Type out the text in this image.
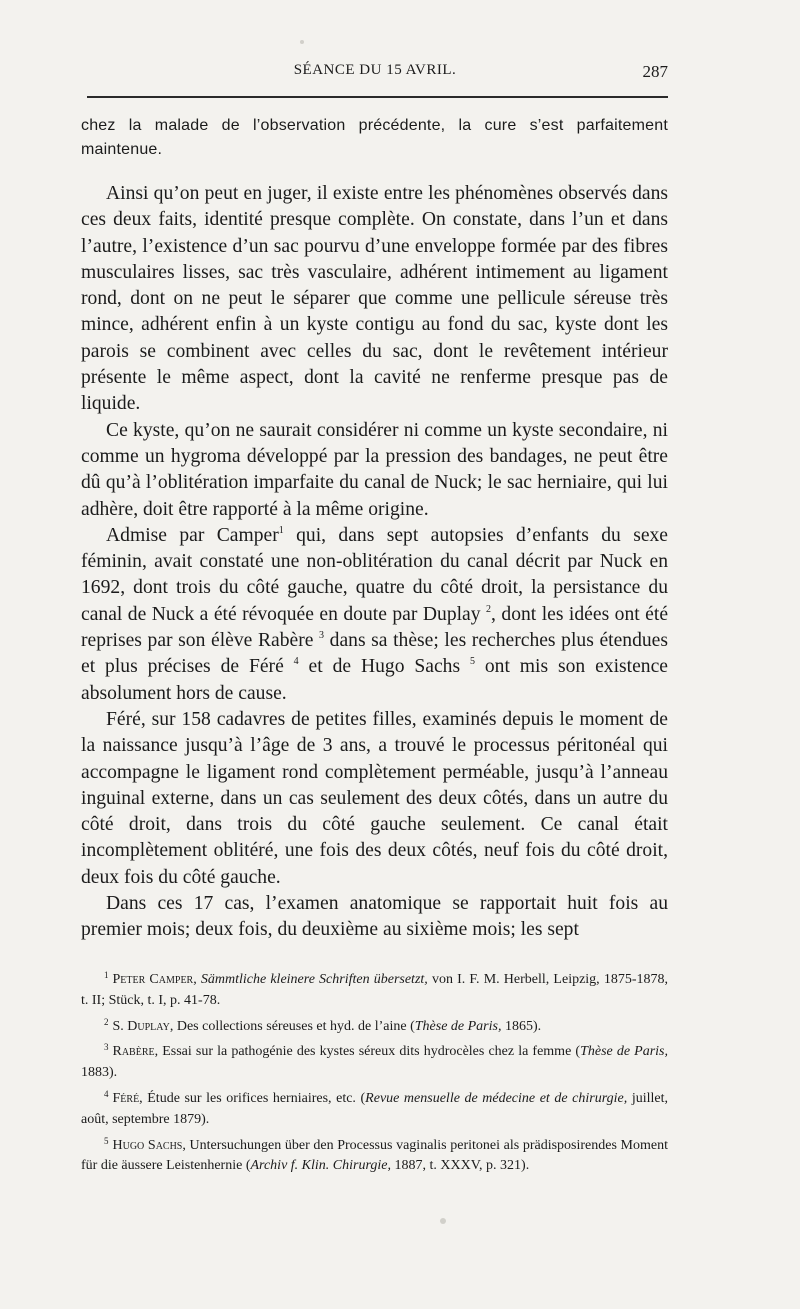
SÉANCE DU 15 AVRIL.	287

chez la malade de l’observation précédente, la cure s’est parfaitement maintenue.

Ainsi qu’on peut en juger, il existe entre les phénomènes observés dans ces deux faits, identité presque complète. On constate, dans l’un et dans l’autre, l’existence d’un sac pourvu d’une enveloppe formée par des fibres musculaires lisses, sac très vasculaire, adhérent intimement au ligament rond, dont on ne peut le séparer que comme une pellicule séreuse très mince, adhérent enfin à un kyste contigu au fond du sac, kyste dont les parois se combinent avec celles du sac, dont le revêtement intérieur présente le même aspect, dont la cavité ne renferme presque pas de liquide.

Ce kyste, qu’on ne saurait considérer ni comme un kyste secondaire, ni comme un hygroma développé par la pression des bandages, ne peut être dû qu’à l’oblitération imparfaite du canal de Nuck; le sac herniaire, qui lui adhère, doit être rapporté à la même origine.

Admise par Camper$^1$ qui, dans sept autopsies d’enfants du sexe féminin, avait constaté une non-oblitération du canal décrit par Nuck en 1692, dont trois du côté gauche, quatre du côté droit, la persistance du canal de Nuck a été révoquée en doute par Duplay $^2$, dont les idées ont été reprises par son élève Rabère $^3$ dans sa thèse; les recherches plus étendues et plus précises de Féré $^4$ et de Hugo Sachs $^5$ ont mis son existence absolument hors de cause.

Féré, sur 158 cadavres de petites filles, examinés depuis le moment de la naissance jusqu’à l’âge de 3 ans, a trouvé le processus péritonéal qui accompagne le ligament rond complètement perméable, jusqu’à l’anneau inguinal externe, dans un cas seulement des deux côtés, dans un autre du côté droit, dans trois du côté gauche seulement. Ce canal était incomplètement oblitéré, une fois des deux côtés, neuf fois du côté droit, deux fois du côté gauche.

Dans ces 17 cas, l’examen anatomique se rapportait huit fois au premier mois; deux fois, du deuxième au sixième mois; les sept

$^1$ Peter Camper, Sämmtliche kleinere Schriften übersetzt, von I. F. M. Herbell, Leipzig, 1875-1878, t. II; Stück, t. I, p. 41-78.

$^2$ S. Duplay, Des collections séreuses et hyd. de l’aine (Thèse de Paris, 1865).

$^3$ Rabère, Essai sur la pathogénie des kystes séreux dits hydrocèles chez la femme (Thèse de Paris, 1883).

$^4$ Féré, Étude sur les orifices herniaires, etc. (Revue mensuelle de médecine et de chirurgie, juillet, août, septembre 1879).

$^5$ Hugo Sachs, Untersuchungen über den Processus vaginalis peritonei als prädisposirendes Moment für die äussere Leistenhernie (Archiv f. Klin. Chirurgie, 1887, t. XXXV, p. 321).
